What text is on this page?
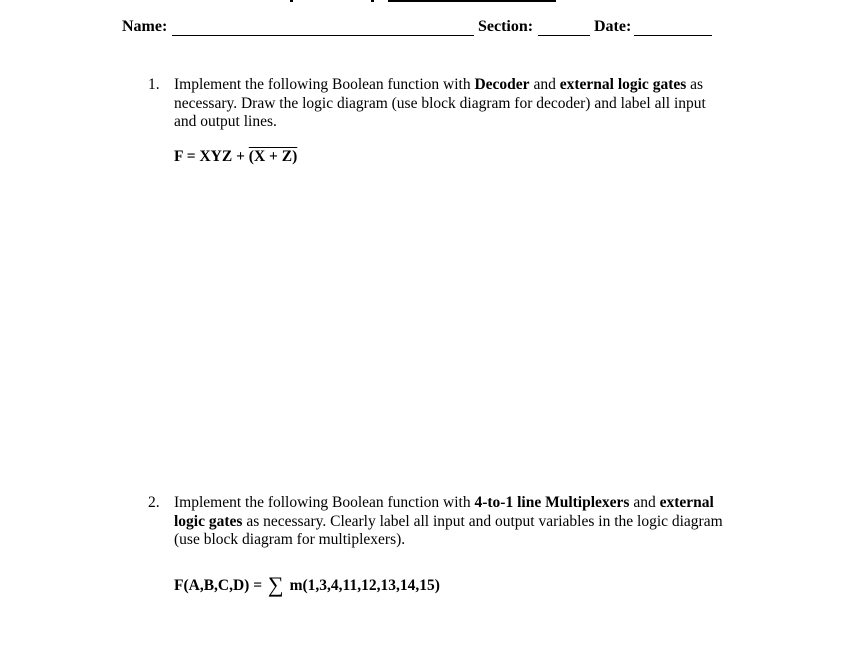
Name:	Section:	Date:
1. Implement the following Boolean function with Decoder and external logic gates as
necessary. Draw the logic diagram (use block diagram for decoder) and label all input
and output lines.
F = XYZ + (X + Z)
2. Implement the following Boolean function with 4-to-1 line Multiplexers and external
logic gates as necessary. Clearly label all input and output variables in the logic diagram
(use block diagram for multiplexers).
F(A,B,C,D) = ∑ m(1,3,4,11,12,13,14,15)
